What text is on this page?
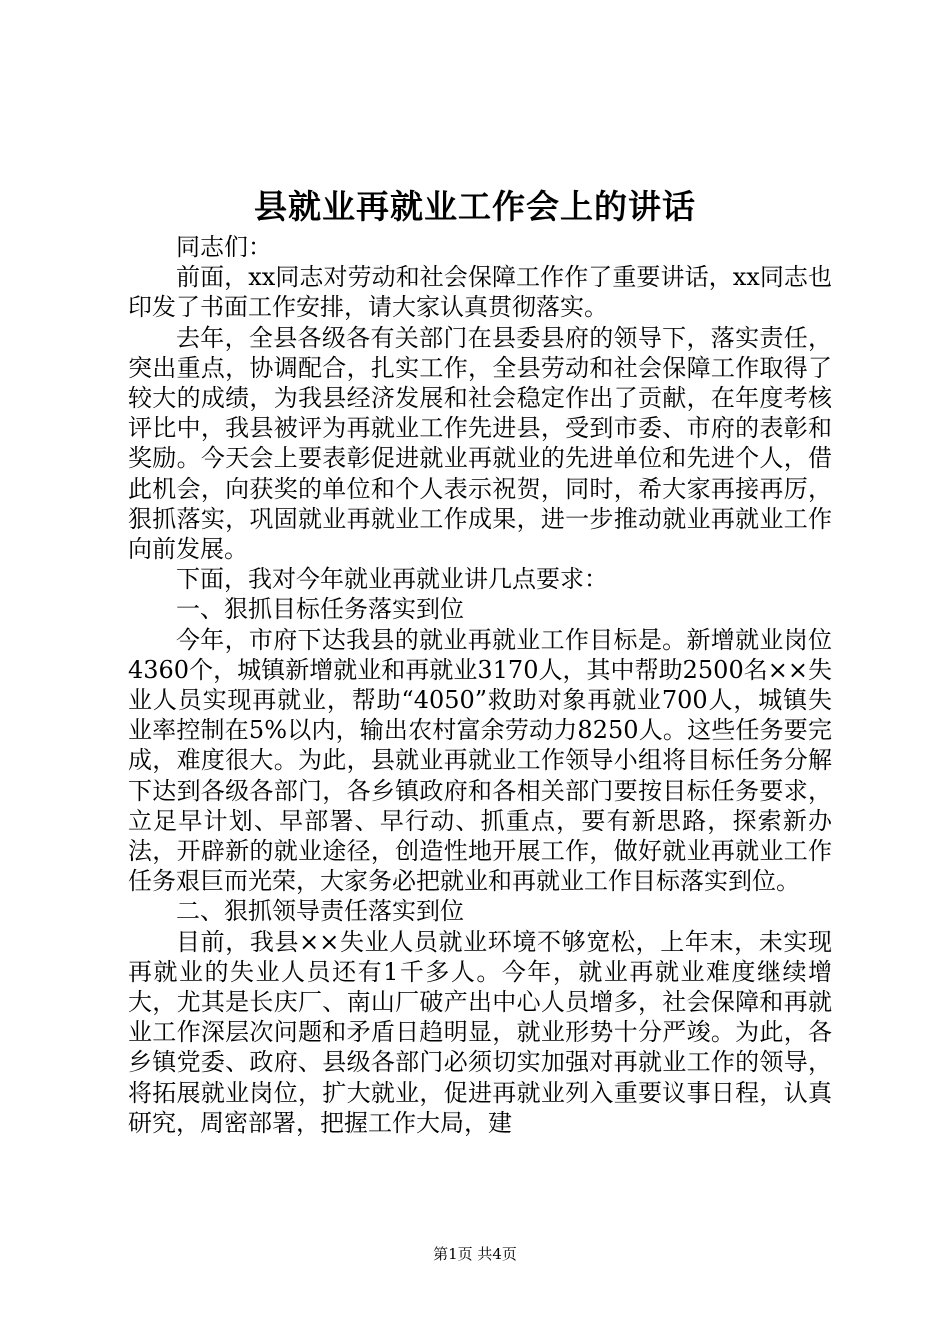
县就业再就业工作会上的讲话

同志们：

前面，xx同志对劳动和社会保障工作作了重要讲话，xx同志也印发了书面工作安排，请大家认真贯彻落实。

去年，全县各级各有关部门在县委县府的领导下，落实责任，突出重点，协调配合，扎实工作，全县劳动和社会保障工作取得了较大的成绩，为我县经济发展和社会稳定作出了贡献，在年度考核评比中，我县被评为再就业工作先进县，受到市委、市府的表彰和奖励。今天会上要表彰促进就业再就业的先进单位和先进个人，借此机会，向获奖的单位和个人表示祝贺，同时，希大家再接再厉，狠抓落实，巩固就业再就业工作成果，进一步推动就业再就业工作向前发展。

下面，我对今年就业再就业讲几点要求：

一、狠抓目标任务落实到位

今年，市府下达我县的就业再就业工作目标是。新增就业岗位4360个，城镇新增就业和再就业3170人，其中帮助2500名××失业人员实现再就业，帮助“4050”救助对象再就业700人，城镇失业率控制在5%以内，输出农村富余劳动力8250人。这些任务要完成，难度很大。为此，县就业再就业工作领导小组将目标任务分解下达到各级各部门，各乡镇政府和各相关部门要按目标任务要求，立足早计划、早部署、早行动、抓重点，要有新思路，探索新办法，开辟新的就业途径，创造性地开展工作，做好就业再就业工作任务艰巨而光荣，大家务必把就业和再就业工作目标落实到位。

二、狠抓领导责任落实到位

目前，我县××失业人员就业环境不够宽松，上年末，未实现再就业的失业人员还有1千多人。今年，就业再就业难度继续增大，尤其是长庆厂、南山厂破产出中心人员增多，社会保障和再就业工作深层次问题和矛盾日趋明显，就业形势十分严竣。为此，各乡镇党委、政府、县级各部门必须切实加强对再就业工作的领导，将拓展就业岗位，扩大就业，促进再就业列入重要议事日程，认真研究，周密部署，把握工作大局，建

第1页 共4页
